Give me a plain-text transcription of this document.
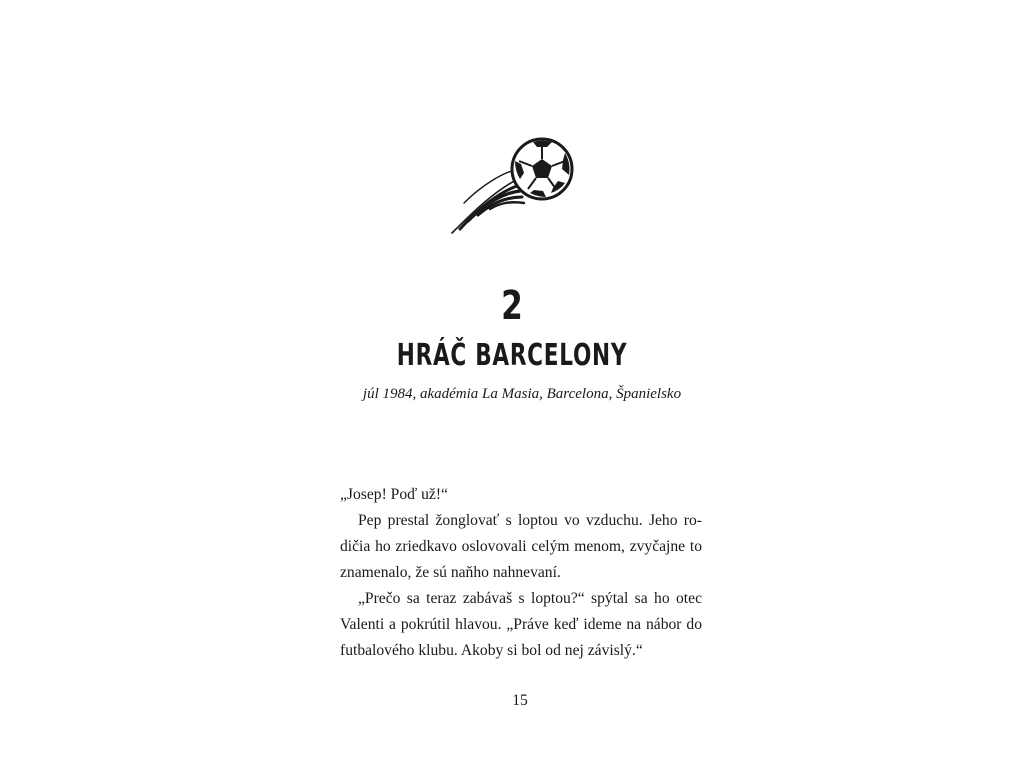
2
HRÁČ BARCELONY
júl 1984, akadémia La Masia, Barcelona, Španielsko
„Josep! Poď už!“
Pep prestal žonglovať s loptou vo vzduchu. Jeho ro-
dičia ho zriedkavo oslovovali celým menom, zvyčajne to
znamenalo, že sú naňho nahnevaní.
„Prečo sa teraz zabávaš s loptou?“ spýtal sa ho otec
Valenti a pokrútil hlavou. „Práve keď ideme na nábor do
futbalového klubu. Akoby si bol od nej závislý.“
15
